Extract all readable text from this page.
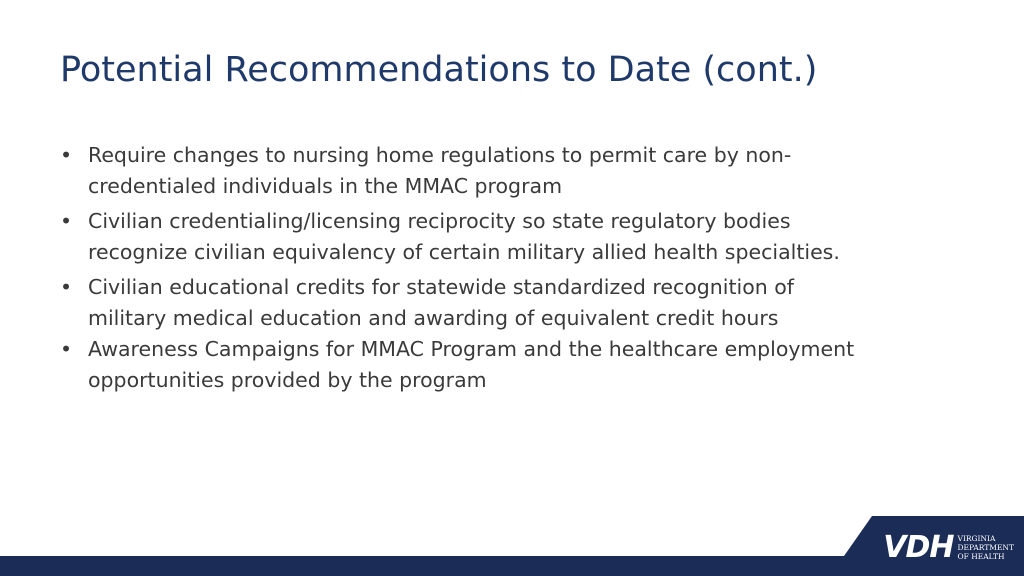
Potential Recommendations to Date (cont.)
• Require changes to nursing home regulations to permit care by non-
credentialed individuals in the MMAC program
• Civilian credentialing/licensing reciprocity so state regulatory bodies
recognize civilian equivalency of certain military allied health specialties.
• Civilian educational credits for statewide standardized recognition of
military medical education and awarding of equivalent credit hours
• Awareness Campaigns for MMAC Program and the healthcare employment
opportunities provided by the program
VDH VIRGINIA
DEPARTMENT
OF HEALTH
